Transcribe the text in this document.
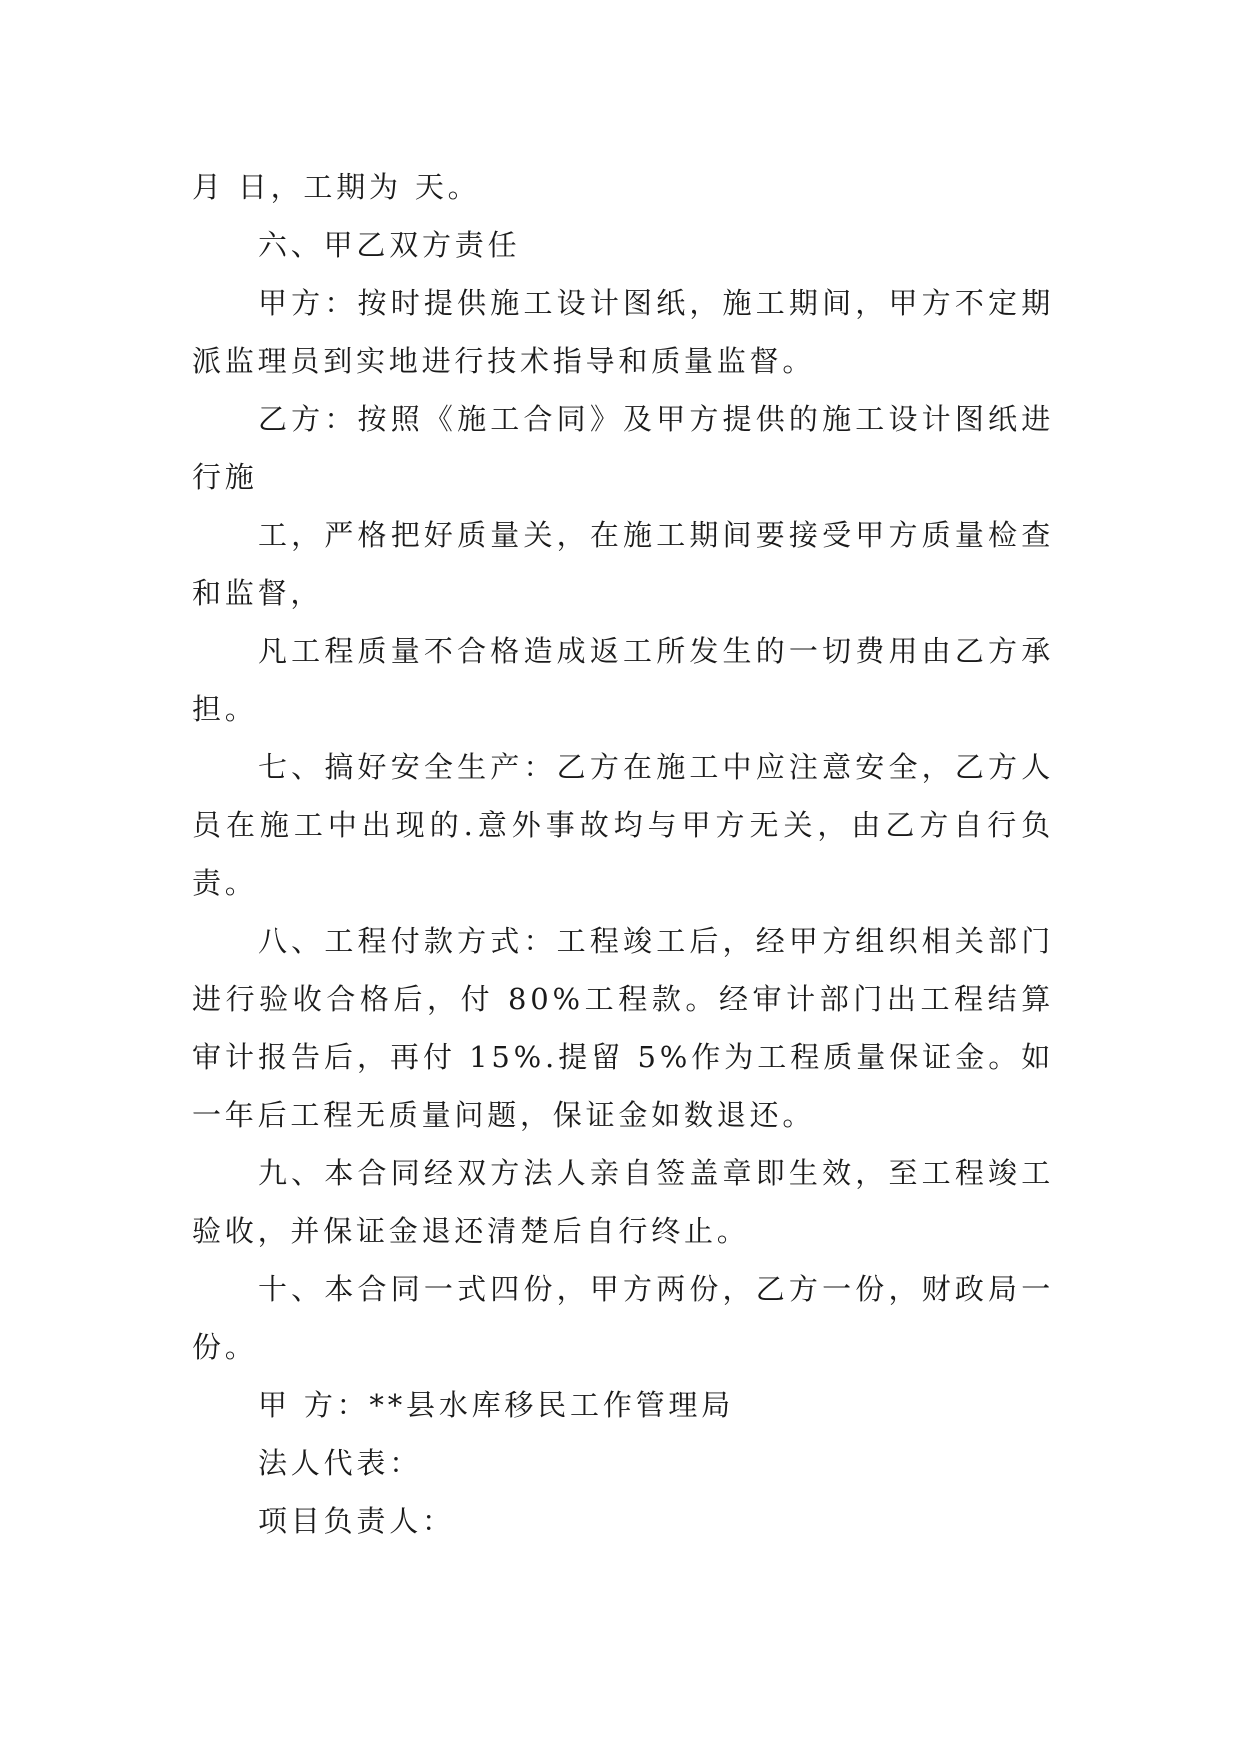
月 日，工期为 天。

六、甲乙双方责任

甲方：按时提供施工设计图纸，施工期间，甲方不定期派监理员到实地进行技术指导和质量监督。

乙方：按照《施工合同》及甲方提供的施工设计图纸进行施

工，严格把好质量关，在施工期间要接受甲方质量检查和监督，

凡工程质量不合格造成返工所发生的一切费用由乙方承担。

七、搞好安全生产：乙方在施工中应注意安全，乙方人员在施工中出现的.意外事故均与甲方无关，由乙方自行负责。

八、工程付款方式：工程竣工后，经甲方组织相关部门进行验收合格后，付 80%工程款。经审计部门出工程结算审计报告后，再付 15%.提留 5%作为工程质量保证金。如一年后工程无质量问题，保证金如数退还。

九、本合同经双方法人亲自签盖章即生效，至工程竣工验收，并保证金退还清楚后自行终止。

十、本合同一式四份，甲方两份，乙方一份，财政局一份。

甲 方：**县水库移民工作管理局

法人代表：

项目负责人：
